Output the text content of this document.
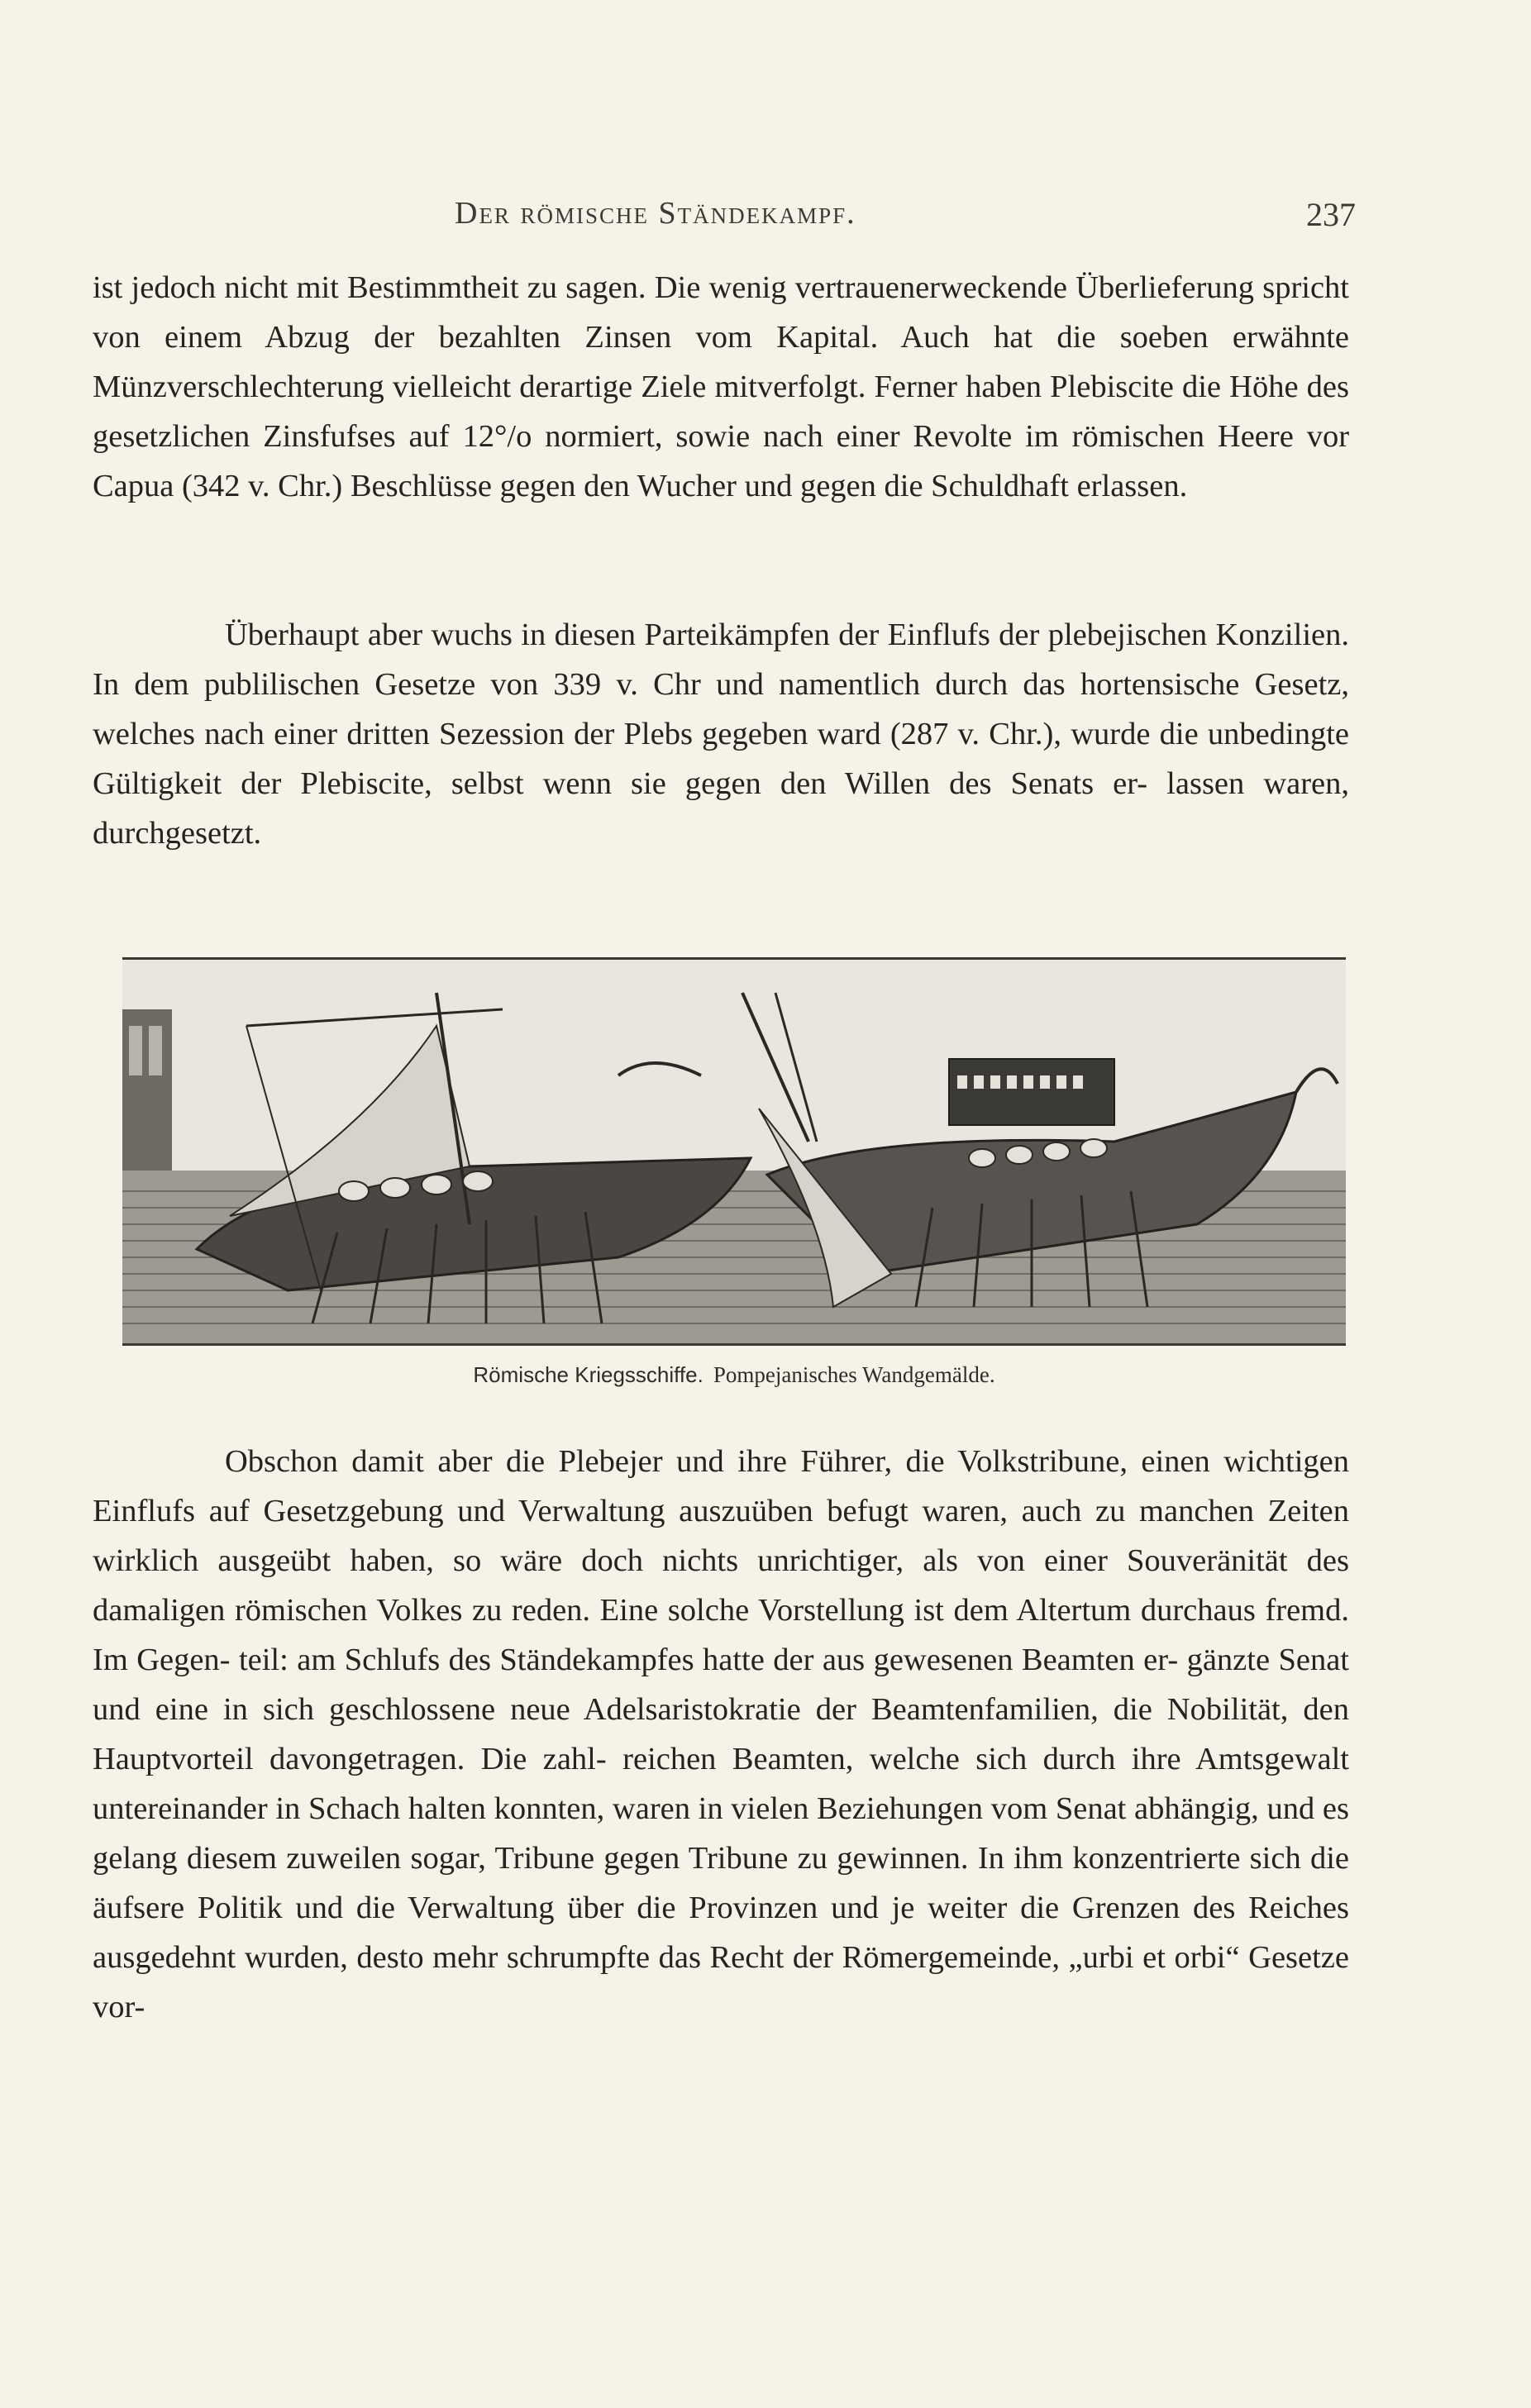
Der römische Ständekampf.	237

ist jedoch nicht mit Bestimmtheit zu sagen. Die wenig vertrauenerweckende Überlieferung spricht von einem Abzug der bezahlten Zinsen vom Kapital. Auch hat die soeben erwähnte Münzverschlechterung vielleicht derartige Ziele mitverfolgt. Ferner haben Plebiscite die Höhe des gesetzlichen Zinsfufses auf 12°/o normiert, sowie nach einer Revolte im römischen Heere vor Capua (342 v. Chr.) Beschlüsse gegen den Wucher und gegen die Schuldhaft erlassen.

Überhaupt aber wuchs in diesen Parteikämpfen der Einflufs der plebejischen Konzilien. In dem publilischen Gesetze von 339 v. Chr und namentlich durch das hortensische Gesetz, welches nach einer dritten Sezession der Plebs gegeben ward (287 v. Chr.), wurde die unbedingte Gültigkeit der Plebiscite, selbst wenn sie gegen den Willen des Senats er- lassen waren, durchgesetzt.

Römische Kriegsschiffe. Pompejanisches Wandgemälde.

Obschon damit aber die Plebejer und ihre Führer, die Volkstribune, einen wichtigen Einflufs auf Gesetzgebung und Verwaltung auszuüben befugt waren, auch zu manchen Zeiten wirklich ausgeübt haben, so wäre doch nichts unrichtiger, als von einer Souveränität des damaligen römischen Volkes zu reden. Eine solche Vorstellung ist dem Altertum durchaus fremd. Im Gegen- teil: am Schlufs des Ständekampfes hatte der aus gewesenen Beamten er- gänzte Senat und eine in sich geschlossene neue Adelsaristokratie der Beamtenfamilien, die Nobilität, den Hauptvorteil davongetragen. Die zahl- reichen Beamten, welche sich durch ihre Amtsgewalt untereinander in Schach halten konnten, waren in vielen Beziehungen vom Senat abhängig, und es gelang diesem zuweilen sogar, Tribune gegen Tribune zu gewinnen. In ihm konzentrierte sich die äufsere Politik und die Verwaltung über die Provinzen und je weiter die Grenzen des Reiches ausgedehnt wurden, desto mehr schrumpfte das Recht der Römergemeinde, „urbi et orbi“ Gesetze vor-
